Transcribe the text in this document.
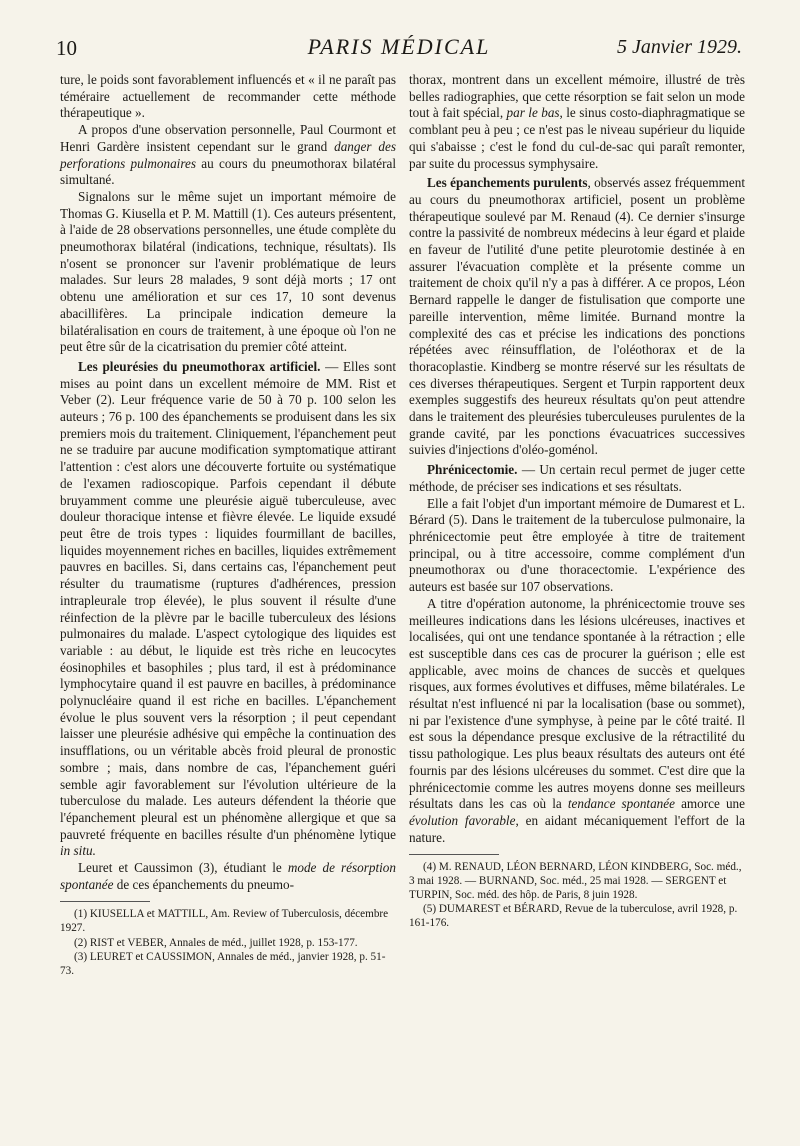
10	PARIS MÉDICAL	5 Janvier 1929.

ture, le poids sont favorablement influencés et « il ne paraît pas téméraire actuellement de recommander cette méthode thérapeutique ».

A propos d'une observation personnelle, Paul Courmont et Henri Gardère insistent cependant sur le grand danger des perforations pulmonaires au cours du pneumothorax bilatéral simultané.

Signalons sur le même sujet un important mémoire de Thomas G. Kiusella et P. M. Mattill (1). Ces auteurs présentent, à l'aide de 28 observations personnelles, une étude complète du pneumothorax bilatéral (indications, technique, résultats). Ils n'osent se prononcer sur l'avenir problématique de leurs malades. Sur leurs 28 malades, 9 sont déjà morts ; 17 ont obtenu une amélioration et sur ces 17, 10 sont devenus abacillifères. La principale indication demeure la bilatéralisation en cours de traitement, à une époque où l'on ne peut être sûr de la cicatrisation du premier côté atteint.

Les pleurésies du pneumothorax artificiel. — Elles sont mises au point dans un excellent mémoire de MM. Rist et Veber (2). Leur fréquence varie de 50 à 70 p. 100 selon les auteurs ; 76 p. 100 des épanchements se produisent dans les six premiers mois du traitement. Cliniquement, l'épanchement peut ne se traduire par aucune modification symptomatique attirant l'attention : c'est alors une découverte fortuite ou systématique de l'examen radioscopique. Parfois cependant il débute bruyamment comme une pleurésie aiguë tuberculeuse, avec douleur thoracique intense et fièvre élevée. Le liquide exsudé peut être de trois types : liquides fourmillant de bacilles, liquides moyennement riches en bacilles, liquides extrêmement pauvres en bacilles. Si, dans certains cas, l'épanchement peut résulter du traumatisme (ruptures d'adhérences, pression intrapleurale trop élevée), le plus souvent il résulte d'une réinfection de la plèvre par le bacille tuberculeux des lésions pulmonaires du malade. L'aspect cytologique des liquides est variable : au début, le liquide est très riche en leucocytes éosinophiles et basophiles ; plus tard, il est à prédominance lymphocytaire quand il est pauvre en bacilles, à prédominance polynucléaire quand il est riche en bacilles. L'épanchement évolue le plus souvent vers la résorption ; il peut cependant laisser une pleurésie adhésive qui empêche la continuation des insufflations, ou un véritable abcès froid pleural de pronostic sombre ; mais, dans nombre de cas, l'épanchement guéri semble agir favorablement sur l'évolution ultérieure de la tuberculose du malade. Les auteurs défendent la théorie que l'épanchement pleural est un phénomène allergique et que sa pauvreté fréquente en bacilles résulte d'un phénomène lytique in situ.

Leuret et Caussimon (3), étudiant le mode de résorption spontanée de ces épanchements du pneumo-

(1) KIUSELLA et MATTILL, Am. Review of Tuberculosis, décembre 1927.

(2) RIST et VEBER, Annales de méd., juillet 1928, p. 153-177.

(3) LEURET et CAUSSIMON, Annales de méd., janvier 1928, p. 51-73.

thorax, montrent dans un excellent mémoire, illustré de très belles radiographies, que cette résorption se fait selon un mode tout à fait spécial, par le bas, le sinus costo-diaphragmatique se comblant peu à peu ; ce n'est pas le niveau supérieur du liquide qui s'abaisse ; c'est le fond du cul-de-sac qui paraît remonter, par suite du processus symphysaire.

Les épanchements purulents, observés assez fréquemment au cours du pneumothorax artificiel, posent un problème thérapeutique soulevé par M. Renaud (4). Ce dernier s'insurge contre la passivité de nombreux médecins à leur égard et plaide en faveur de l'utilité d'une petite pleurotomie destinée à en assurer l'évacuation complète et la présente comme un traitement de choix qu'il n'y a pas à différer. A ce propos, Léon Bernard rappelle le danger de fistulisation que comporte une pareille intervention, même limitée. Burnand montre la complexité des cas et précise les indications des ponctions répétées avec réinsufflation, de l'oléothorax et de la thoracoplastie. Kindberg se montre réservé sur les résultats de ces diverses thérapeutiques. Sergent et Turpin rapportent deux exemples suggestifs des heureux résultats qu'on peut attendre dans le traitement des pleurésies tuberculeuses purulentes de la grande cavité, par les ponctions évacuatrices successives suivies d'injections d'oléo-goménol.

Phrénicectomie. — Un certain recul permet de juger cette méthode, de préciser ses indications et ses résultats.

Elle a fait l'objet d'un important mémoire de Dumarest et L. Bérard (5). Dans le traitement de la tuberculose pulmonaire, la phrénicectomie peut être employée à titre de traitement principal, ou à titre accessoire, comme complément d'un pneumothorax ou d'une thoracectomie. L'expérience des auteurs est basée sur 107 observations.

A titre d'opération autonome, la phrénicectomie trouve ses meilleures indications dans les lésions ulcéreuses, inactives et localisées, qui ont une tendance spontanée à la rétraction ; elle est susceptible dans ces cas de procurer la guérison ; elle est applicable, avec moins de chances de succès et quelques risques, aux formes évolutives et diffuses, même bilatérales. Le résultat n'est influencé ni par la localisation (base ou sommet), ni par l'existence d'une symphyse, à peine par le côté traité. Il est sous la dépendance presque exclusive de la rétractilité du tissu pathologique. Les plus beaux résultats des auteurs ont été fournis par des lésions ulcéreuses du sommet. C'est dire que la phrénicectomie comme les autres moyens donne ses meilleurs résultats dans les cas où la tendance spontanée amorce une évolution favorable, en aidant mécaniquement l'effort de la nature.

(4) M. RENAUD, LÉON BERNARD, LÉON KINDBERG, Soc. méd., 3 mai 1928. — BURNAND, Soc. méd., 25 mai 1928. — SERGENT et TURPIN, Soc. méd. des hôp. de Paris, 8 juin 1928.

(5) DUMAREST et BÉRARD, Revue de la tuberculose, avril 1928, p. 161-176.
